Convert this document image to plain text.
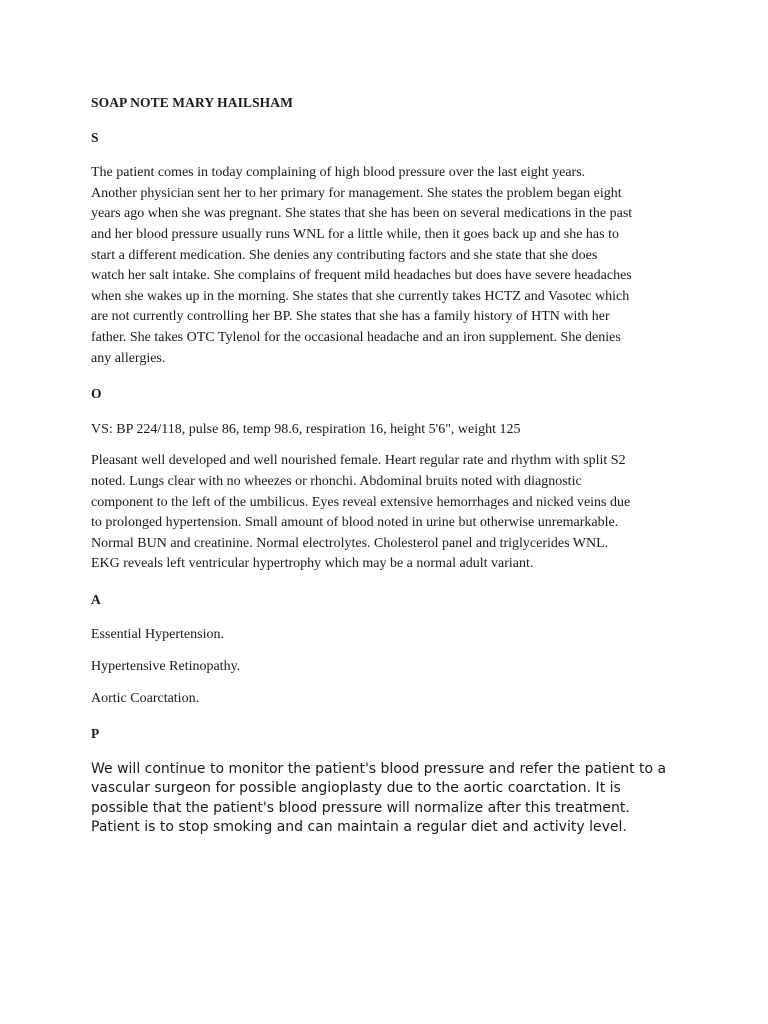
SOAP NOTE MARY HAILSHAM

S

The patient comes in today complaining of high blood pressure over the last eight years.
Another physician sent her to her primary for management. She states the problem began eight
years ago when she was pregnant. She states that she has been on several medications in the past
and her blood pressure usually runs WNL for a little while, then it goes back up and she has to
start a different medication. She denies any contributing factors and she state that she does
watch her salt intake. She complains of frequent mild headaches but does have severe headaches
when she wakes up in the morning. She states that she currently takes HCTZ and Vasotec which
are not currently controlling her BP. She states that she has a family history of HTN with her
father. She takes OTC Tylenol for the occasional headache and an iron supplement. She denies
any allergies.

O

VS: BP 224/118, pulse 86, temp 98.6, respiration 16, height 5'6", weight 125

Pleasant well developed and well nourished female. Heart regular rate and rhythm with split S2
noted. Lungs clear with no wheezes or rhonchi. Abdominal bruits noted with diagnostic
component to the left of the umbilicus. Eyes reveal extensive hemorrhages and nicked veins due
to prolonged hypertension. Small amount of blood noted in urine but otherwise unremarkable.
Normal BUN and creatinine. Normal electrolytes. Cholesterol panel and triglycerides WNL.
EKG reveals left ventricular hypertrophy which may be a normal adult variant.

A

Essential Hypertension.

Hypertensive Retinopathy.

Aortic Coarctation.

P

We will continue to monitor the patient's blood pressure and refer the patient to a
vascular surgeon for possible angioplasty due to the aortic coarctation. It is
possible that the patient's blood pressure will normalize after this treatment.
Patient is to stop smoking and can maintain a regular diet and activity level.
